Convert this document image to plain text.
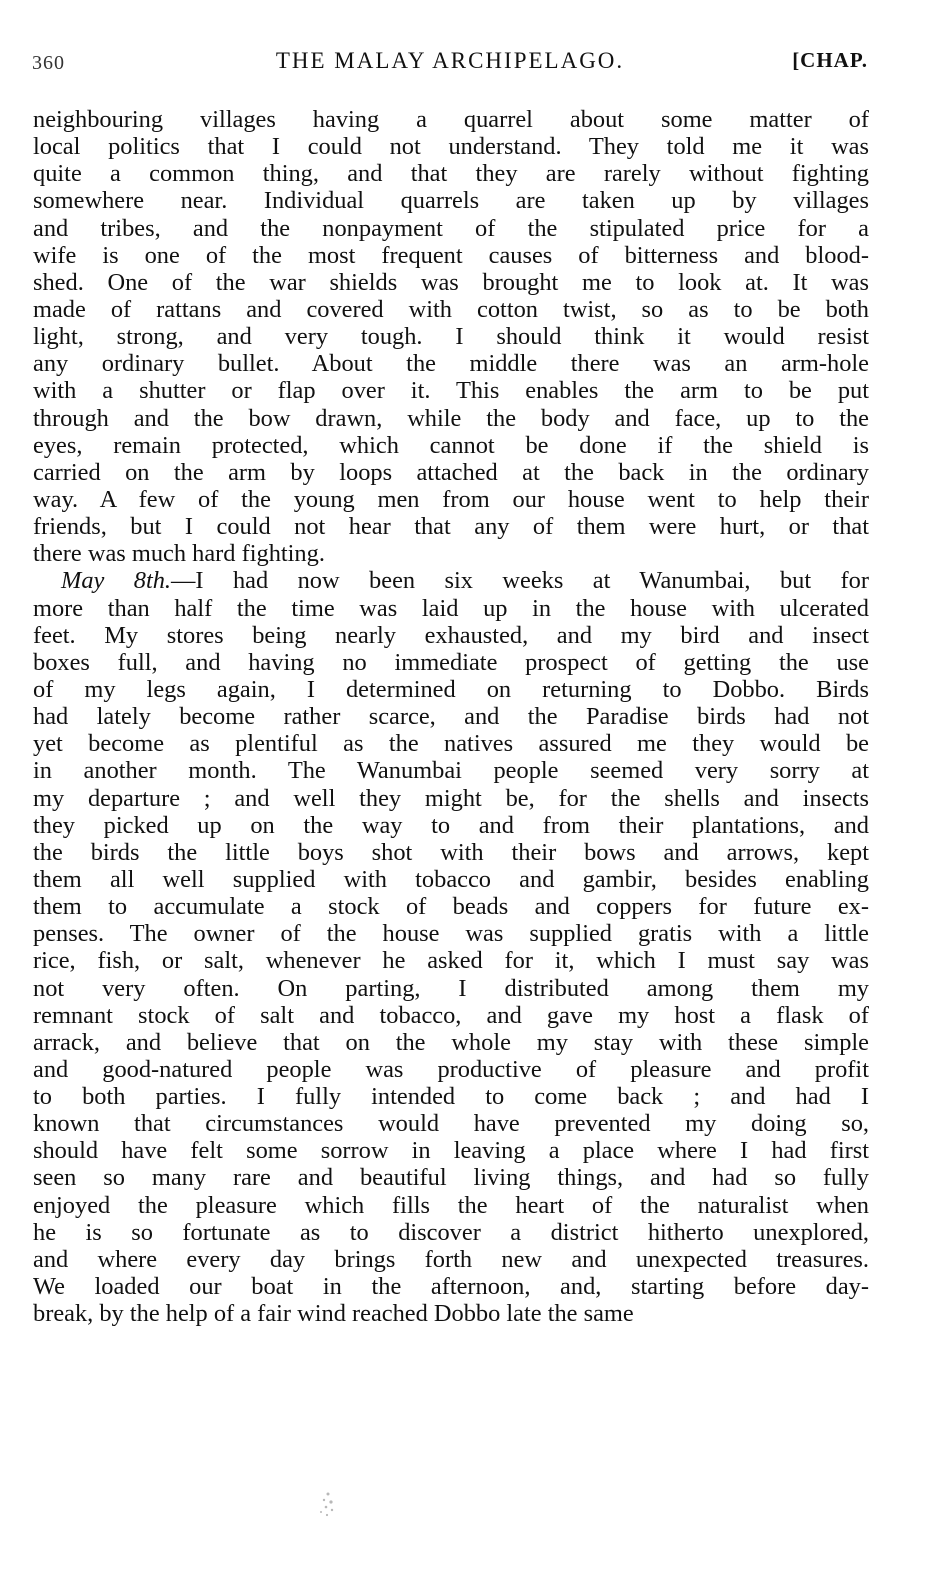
360	THE MALAY ARCHIPELAGO.	[CHAP.
neighbouring villages having a quarrel about some matter of
local politics that I could not understand. They told me it was
quite a common thing, and that they are rarely without fighting
somewhere near. Individual quarrels are taken up by villages
and tribes, and the nonpayment of the stipulated price for a
wife is one of the most frequent causes of bitterness and blood-
shed. One of the war shields was brought me to look at. It was
made of rattans and covered with cotton twist, so as to be both
light, strong, and very tough. I should think it would resist
any ordinary bullet. About the middle there was an arm-hole
with a shutter or flap over it. This enables the arm to be put
through and the bow drawn, while the body and face, up to the
eyes, remain protected, which cannot be done if the shield is
carried on the arm by loops attached at the back in the ordinary
way. A few of the young men from our house went to help their
friends, but I could not hear that any of them were hurt, or that
there was much hard fighting.
May 8th.—I had now been six weeks at Wanumbai, but for
more than half the time was laid up in the house with ulcerated
feet. My stores being nearly exhausted, and my bird and insect
boxes full, and having no immediate prospect of getting the use
of my legs again, I determined on returning to Dobbo. Birds
had lately become rather scarce, and the Paradise birds had not
yet become as plentiful as the natives assured me they would be
in another month. The Wanumbai people seemed very sorry at
my departure ; and well they might be, for the shells and insects
they picked up on the way to and from their plantations, and
the birds the little boys shot with their bows and arrows, kept
them all well supplied with tobacco and gambir, besides enabling
them to accumulate a stock of beads and coppers for future ex-
penses. The owner of the house was supplied gratis with a little
rice, fish, or salt, whenever he asked for it, which I must say was
not very often. On parting, I distributed among them my
remnant stock of salt and tobacco, and gave my host a flask of
arrack, and believe that on the whole my stay with these simple
and good-natured people was productive of pleasure and profit
to both parties. I fully intended to come back ; and had I
known that circumstances would have prevented my doing so,
should have felt some sorrow in leaving a place where I had first
seen so many rare and beautiful living things, and had so fully
enjoyed the pleasure which fills the heart of the naturalist when
he is so fortunate as to discover a district hitherto unexplored,
and where every day brings forth new and unexpected treasures.
We loaded our boat in the afternoon, and, starting before day-
break, by the help of a fair wind reached Dobbo late the same
